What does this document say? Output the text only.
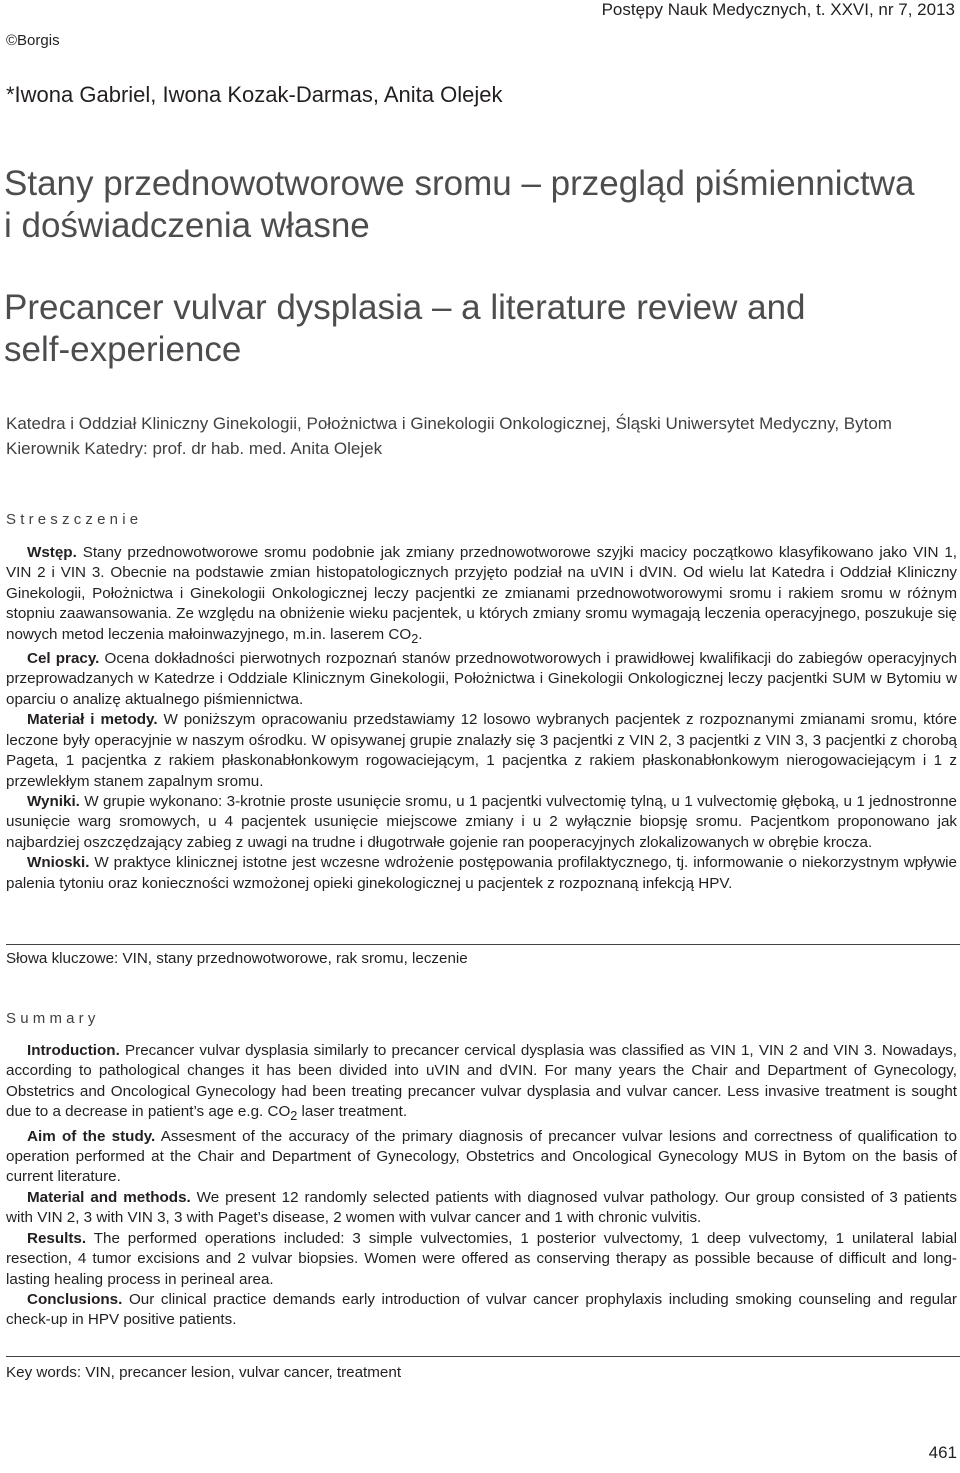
Postępy Nauk Medycznych, t. XXVI, nr 7, 2013
©Borgis
*Iwona Gabriel, Iwona Kozak-Darmas, Anita Olejek
Stany przednowotworowe sromu – przegląd piśmiennictwa
i doświadczenia własne
Precancer vulvar dysplasia – a literature review and
self-experience
Katedra i Oddział Kliniczny Ginekologii, Położnictwa i Ginekologii Onkologicznej, Śląski Uniwersytet Medyczny, Bytom
Kierownik Katedry: prof. dr hab. med. Anita Olejek
Streszczenie

Wstęp. Stany przednowotworowe sromu podobnie jak zmiany przednowotworowe szyjki macicy początkowo klasyfikowano jako VIN 1, VIN 2 i VIN 3. Obecnie na podstawie zmian histopatologicznych przyjęto podział na uVIN i dVIN. Od wielu lat Katedra i Oddział Kliniczny Ginekologii, Położnictwa i Ginekologii Onkologicznej leczy pacjentki ze zmianami przednowotworowymi sromu i rakiem sromu w różnym stopniu zaawansowania. Ze względu na obniżenie wieku pacjentek, u których zmiany sromu wymagają leczenia operacyjnego, poszukuje się nowych metod leczenia małoinwazyjnego, m.in. laserem $CO_2$.

Cel pracy. Ocena dokładności pierwotnych rozpoznań stanów przednowotworowych i prawidłowej kwalifikacji do zabiegów operacyjnych przeprowadzanych w Katedrze i Oddziale Klinicznym Ginekologii, Położnictwa i Ginekologii Onkologicznej leczy pacjentki SUM w Bytomiu w oparciu o analizę aktualnego piśmiennictwa.

Materiał i metody. W poniższym opracowaniu przedstawiamy 12 losowo wybranych pacjentek z rozpoznanymi zmianami sromu, które leczone były operacyjnie w naszym ośrodku. W opisywanej grupie znalazły się 3 pacjentki z VIN 2, 3 pacjentki z VIN 3, 3 pacjentki z chorobą Pageta, 1 pacjentka z rakiem płaskonabłonkowym rogowaciejącym, 1 pacjentka z rakiem płaskonabłonkowym nierogowaciejącym i 1 z przewlekłym stanem zapalnym sromu.

Wyniki. W grupie wykonano: 3-krotnie proste usunięcie sromu, u 1 pacjentki vulvectomię tylną, u 1 vulvectomię głęboką, u 1 jednostronne usunięcie warg sromowych, u 4 pacjentek usunięcie miejscowe zmiany i u 2 wyłącznie biopsję sromu. Pacjentkom proponowano jak najbardziej oszczędzający zabieg z uwagi na trudne i długotrwałe gojenie ran pooperacyjnych zlokalizowanych w obrębie krocza.

Wnioski. W praktyce klinicznej istotne jest wczesne wdrożenie postępowania profilaktycznego, tj. informowanie o niekorzystnym wpływie palenia tytoniu oraz konieczności wzmożonej opieki ginekologicznej u pacjentek z rozpoznaną infekcją HPV.

Słowa kluczowe: VIN, stany przednowotworowe, rak sromu, leczenie
Summary

Introduction. Precancer vulvar dysplasia similarly to precancer cervical dysplasia was classified as VIN 1, VIN 2 and VIN 3. Nowadays, according to pathological changes it has been divided into uVIN and dVIN. For many years the Chair and Department of Gynecology, Obstetrics and Oncological Gynecology had been treating precancer vulvar dysplasia and vulvar cancer. Less invasive treatment is sought due to a decrease in patient’s age e.g. $CO_2$ laser treatment.

Aim of the study. Assesment of the accuracy of the primary diagnosis of precancer vulvar lesions and correctness of qualification to operation performed at the Chair and Department of Gynecology, Obstetrics and Oncological Gynecology MUS in Bytom on the basis of current literature.

Material and methods. We present 12 randomly selected patients with diagnosed vulvar pathology. Our group consisted of 3 patients with VIN 2, 3 with VIN 3, 3 with Paget’s disease, 2 women with vulvar cancer and 1 with chronic vulvitis.

Results. The performed operations included: 3 simple vulvectomies, 1 posterior vulvectomy, 1 deep vulvectomy, 1 unilateral labial resection, 4 tumor excisions and 2 vulvar biopsies. Women were offered as conserving therapy as possible because of difficult and long-lasting healing process in perineal area.

Conclusions. Our clinical practice demands early introduction of vulvar cancer prophylaxis including smoking counseling and regular check-up in HPV positive patients.

Key words: VIN, precancer lesion, vulvar cancer, treatment
461
